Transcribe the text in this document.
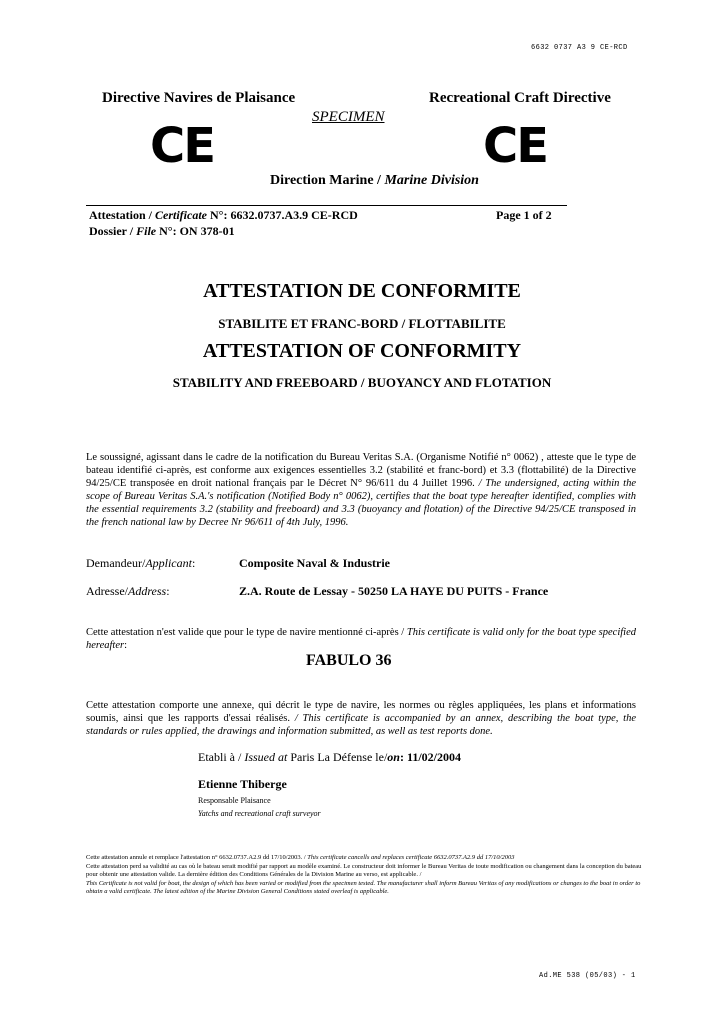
6632 0737 A3 9 CE-RCD
Directive Navires de Plaisance	Recreational Craft Directive
SPECIMEN
CE	CE
Direction Marine / Marine Division
Attestation / Certificate N°: 6632.0737.A3.9 CE-RCD	Page 1 of 2
Dossier / File N°: ON 378-01
ATTESTATION DE CONFORMITE
STABILITE ET FRANC-BORD / FLOTTABILITE
ATTESTATION OF CONFORMITY
STABILITY AND FREEBOARD / BUOYANCY AND FLOTATION
Le soussigné, agissant dans le cadre de la notification du Bureau Veritas S.A. (Organisme Notifié n° 0062) , atteste que le type de bateau identifié ci-après, est conforme aux exigences essentielles 3.2 (stabilité et franc-bord) et 3.3 (flottabilité) de la Directive 94/25/CE transposée en droit national français par le Décret N° 96/611 du 4 Juillet 1996. / The undersigned, acting within the scope of Bureau Veritas S.A.'s notification (Notified Body n° 0062), certifies that the boat type hereafter identified, complies with the essential requirements 3.2 (stability and freeboard) and 3.3 (buoyancy and flotation) of the Directive 94/25/CE transposed in the french national law by Decree Nr 96/611 of 4th July, 1996.
Demandeur/Applicant:	Composite Naval & Industrie
Adresse/Address:	Z.A. Route de Lessay - 50250 LA HAYE DU PUITS - France
Cette attestation n'est valide que pour le type de navire mentionné ci-après / This certificate is valid only for the boat type specified hereafter:
FABULO 36
Cette attestation comporte une annexe, qui décrit le type de navire, les normes ou règles appliquées, les plans et informations soumis, ainsi que les rapports d'essai réalisés. / This certificate is accompanied by an annex, describing the boat type, the standards or rules applied, the drawings and information submitted, as well as test reports done.
Etabli à / Issued at Paris La Défense le/on: 11/02/2004
Etienne Thiberge
Responsable Plaisance
Yatchs and recreational craft surveyor
Cette attestation annule et remplace l'attestation n° 6632.0737.A2.9 dd 17/10/2003. / This certificate cancells and replaces certificate 6632.0737.A2.9 dd 17/10/2003
Cette attestation perd sa validité au cas où le bateau serait modifié par rapport au modèle examiné. Le constructeur doit informer le Bureau Veritas de toute modification ou changement dans la conception du bateau pour obtenir une attestation valide. La dernière édition des Conditions Générales de la Division Marine au verso, est applicable. /
This Certificate is not valid for boat, the design of which has been varied or modified from the specimen tested. The manufacturer shall inform Bureau Veritas of any modifications or changes to the boat in order to obtain a valid certificate. The latest edition of the Marine Division General Conditions stated overleaf is applicable.
Ad.ME 538 (05/03) - 1
